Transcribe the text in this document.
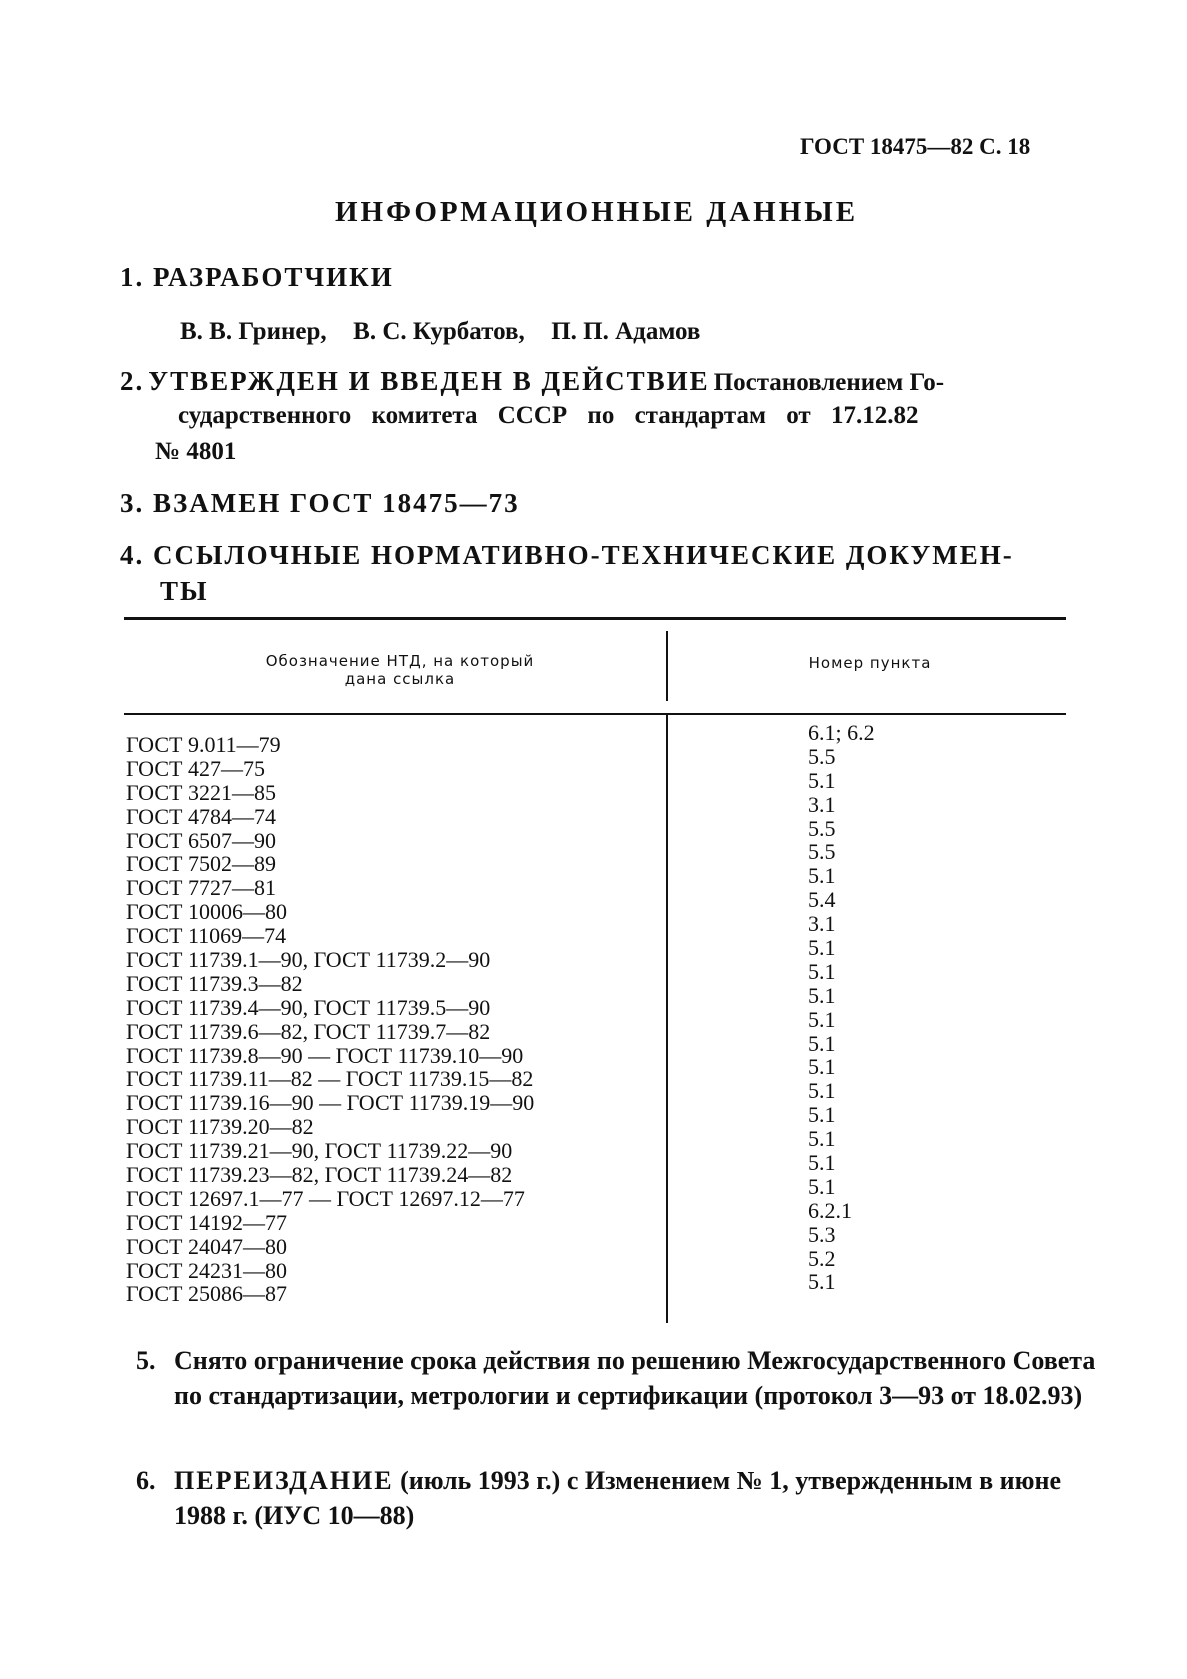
ГОСТ 18475—82 С. 18
ИНФОРМАЦИОННЫЕ ДАННЫЕ
1. РАЗРАБОТЧИКИ
В. В. Гринер, В. С. Курбатов, П. П. Адамов
2. УТВЕРЖДЕН И ВВЕДЕН В ДЕЙСТВИЕ Постановлением Го-
сударственного комитета СССР по стандартам от 17.12.82
№ 4801
3. ВЗАМЕН ГОСТ 18475—73
4. ССЫЛОЧНЫЕ НОРМАТИВНО-ТЕХНИЧЕСКИЕ ДОКУМЕН-
ТЫ
Обозначение НТД, на который
дана ссылка
Номер пункта
ГОСТ 9.011—79
ГОСТ 427—75
ГОСТ 3221—85
ГОСТ 4784—74
ГОСТ 6507—90
ГОСТ 7502—89
ГОСТ 7727—81
ГОСТ 10006—80
ГОСТ 11069—74
ГОСТ 11739.1—90, ГОСТ 11739.2—90
ГОСТ 11739.3—82
ГОСТ 11739.4—90, ГОСТ 11739.5—90
ГОСТ 11739.6—82, ГОСТ 11739.7—82
ГОСТ 11739.8—90 — ГОСТ 11739.10—90
ГОСТ 11739.11—82 — ГОСТ 11739.15—82
ГОСТ 11739.16—90 — ГОСТ 11739.19—90
ГОСТ 11739.20—82
ГОСТ 11739.21—90, ГОСТ 11739.22—90
ГОСТ 11739.23—82, ГОСТ 11739.24—82
ГОСТ 12697.1—77 — ГОСТ 12697.12—77
ГОСТ 14192—77
ГОСТ 24047—80
ГОСТ 24231—80
ГОСТ 25086—87
6.1; 6.2
5.5
5.1
3.1
5.5
5.5
5.1
5.4
3.1
5.1
5.1
5.1
5.1
5.1
5.1
5.1
5.1
5.1
5.1
5.1
6.2.1
5.3
5.2
5.1
5. Снято ограничение срока действия по решению Межгосударственного Совета по стандартизации, метрологии и сертификации (протокол 3—93 от 18.02.93)
6. ПЕРЕИЗДАНИЕ (июль 1993 г.) с Изменением № 1, утвержденным в июне 1988 г. (ИУС 10—88)
